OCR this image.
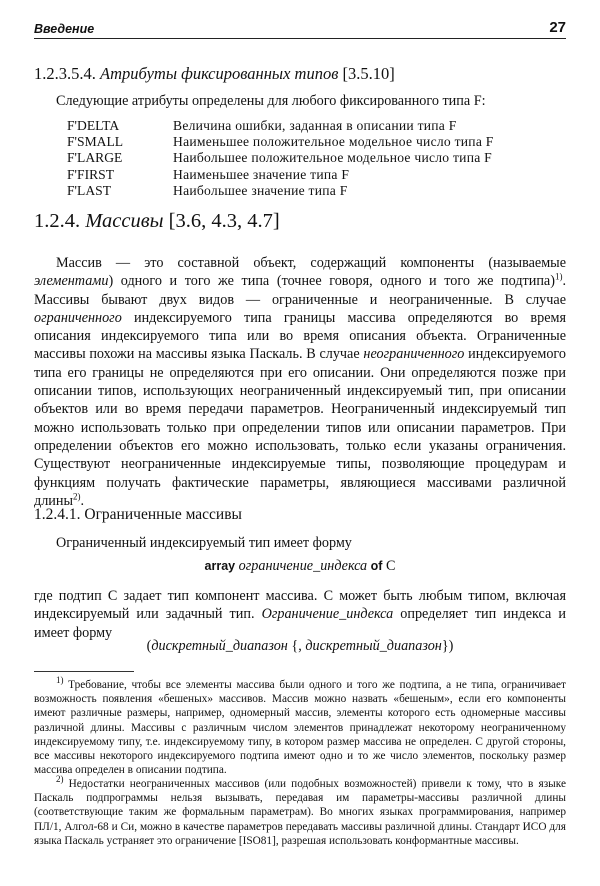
Введение	27
1.2.3.5.4. Атрибуты фиксированных типов [3.5.10]
Следующие атрибуты определены для любого фиксированного типа F:
F'DELTA	Величина ошибки, заданная в описании типа F
F'SMALL	Наименьшее положительное модельное число типа F
F'LARGE	Наибольшее положительное модельное число типа F
F'FIRST	Наименьшее значение типа F
F'LAST	Наибольшее значение типа F
1.2.4. Массивы [3.6, 4.3, 4.7]
Массив — это составной объект, содержащий компоненты (называемые элементами) одного и того же типа (точнее говоря, одного и того же подтипа)$^{1)}$. Массивы бывают двух видов — ограниченные и неограниченные. В случае ограниченного индексируемого типа границы массива определяются во время описания индексируемого типа или во время описания объекта. Ограниченные массивы похожи на массивы языка Паскаль. В случае неограниченного индексируемого типа его границы не определяются при его описании. Они определяются позже при описании типов, использующих неограниченный индексируемый тип, при описании объектов или во время передачи параметров. Неограниченный индексируемый тип можно использовать только при определении типов или описании параметров. При определении объектов его можно использовать, только если указаны ограничения. Существуют неограниченные индексируемые типы, позволяющие процедурам и функциям получать фактические параметры, являющиеся массивами различной длины$^{2)}$.
1.2.4.1. Ограниченные массивы
Ограниченный индексируемый тип имеет форму
array ограничение_индекса of C
где подтип С задает тип компонент массива. С может быть любым типом, включая индексируемый или задачный тип. Ограничение_индекса определяет тип индекса и имеет форму
(дискретный_диапазон {, дискретный_диапазон})
$^{1)}$ Требование, чтобы все элементы массива были одного и того же подтипа, а не типа, ограничивает возможность появления «бешеных» массивов. Массив можно назвать «бешеным», если его компоненты имеют различные размеры, например, одномерный массив, элементы которого есть одномерные массивы различной длины. Массивы с различным числом элементов принадлежат некоторому неограниченному индексируемому типу, т.е. индексируемому типу, в котором размер массива не определен. С другой стороны, все массивы некоторого индексируемого подтипа имеют одно и то же число элементов, поскольку размер массива определен в описании подтипа.
$^{2)}$ Недостатки неограниченных массивов (или подобных возможностей) привели к тому, что в языке Паскаль подпрограммы нельзя вызывать, передавая им параметры-массивы различной длины (соответствующие таким же формальным параметрам). Во многих языках программирования, например ПЛ/1, Алгол-68 и Си, можно в качестве параметров передавать массивы различной длины. Стандарт ИСО для языка Паскаль устраняет это ограничение [ISO81], разрешая использовать конформантные массивы.
